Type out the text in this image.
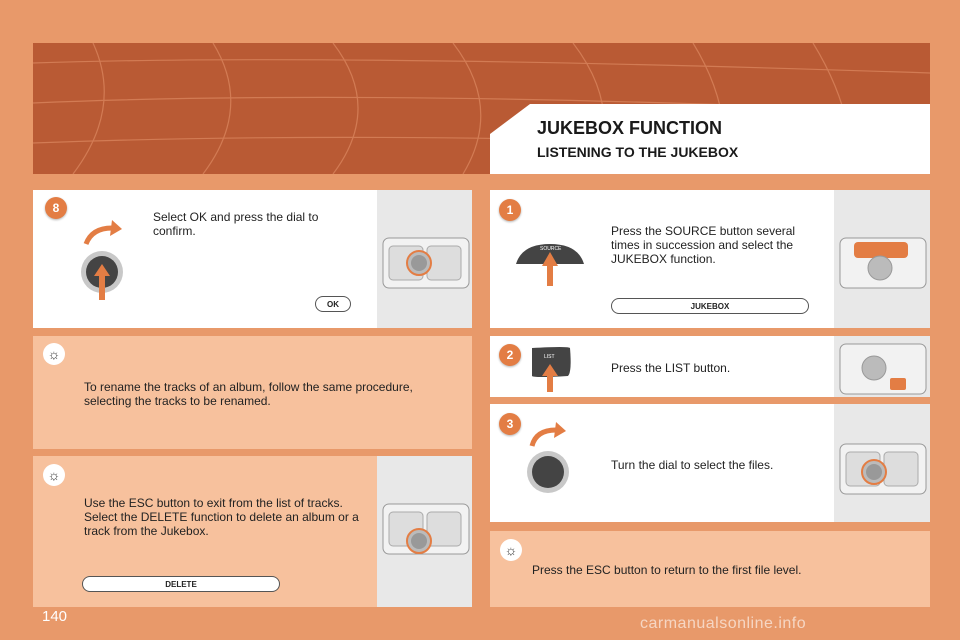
JUKEBOX FUNCTION
LISTENING TO THE JUKEBOX
8
Select OK and press the dial to confirm.
OK
☼
To rename the tracks of an album, follow the same procedure, selecting the tracks to be renamed.
☼
Use the ESC button to exit from the list of tracks. Select the DELETE function to delete an album or a track from the Jukebox.
DELETE
1
SOURCE
Press the SOURCE button several times in succession and select the JUKEBOX function.
JUKEBOX
2	LIST
Press the LIST button.
3
Turn the dial to select the files.
☼
Press the ESC button to return to the first file level.
140	carmanualsonline.info
